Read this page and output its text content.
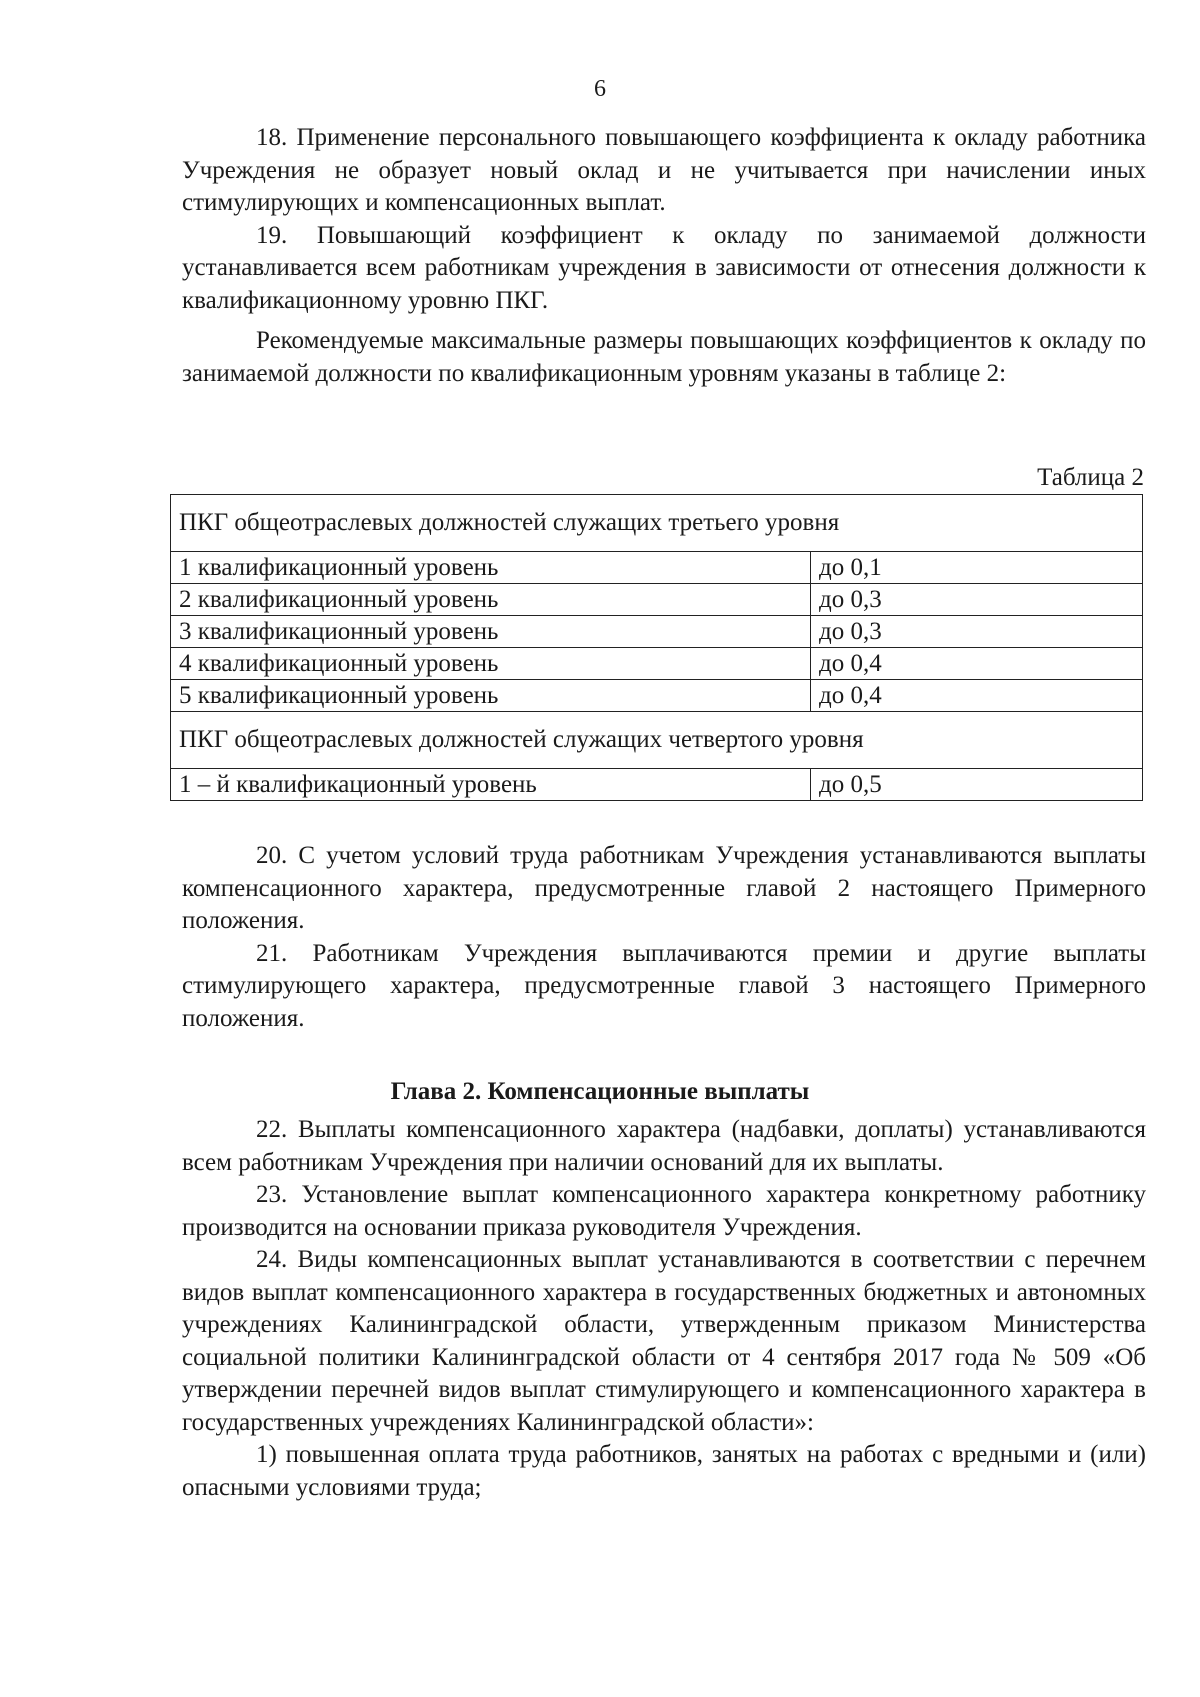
6

18. Применение персонального повышающего коэффициента к окладу работника Учреждения не образует новый оклад и не учитывается при начислении иных стимулирующих и компенсационных выплат.

19. Повышающий коэффициент к окладу по занимаемой должности устанавливается всем работникам учреждения в зависимости от отнесения должности к квалификационному уровню ПКГ.

Рекомендуемые максимальные размеры повышающих коэффициентов к окладу по занимаемой должности по квалификационным уровням указаны в таблице 2:

Таблица 2
ПКГ общеотраслевых должностей служащих третьего уровня	
1 квалификационный уровень	до 0,1
2 квалификационный уровень	до 0,3
3 квалификационный уровень	до 0,3
4 квалификационный уровень	до 0,4
5 квалификационный уровень	до 0,4
ПКГ общеотраслевых должностей служащих четвертого уровня	
1 – й квалификационный уровень	до 0,5

20. С учетом условий труда работникам Учреждения устанавливаются выплаты компенсационного характера, предусмотренные главой 2 настоящего Примерного положения.

21. Работникам Учреждения выплачиваются премии и другие выплаты стимулирующего характера, предусмотренные главой 3 настоящего Примерного положения.

Глава 2. Компенсационные выплаты

22. Выплаты компенсационного характера (надбавки, доплаты) устанавливаются всем работникам Учреждения при наличии оснований для их выплаты.

23. Установление выплат компенсационного характера конкретному работнику производится на основании приказа руководителя Учреждения.

24. Виды компенсационных выплат устанавливаются в соответствии с перечнем видов выплат компенсационного характера в государственных бюджетных и автономных учреждениях Калининградской области, утвержденным приказом Министерства социальной политики Калининградской области от 4 сентября 2017 года № 509 «Об утверждении перечней видов выплат стимулирующего и компенсационного характера в государственных учреждениях Калининградской области»:

1) повышенная оплата труда работников, занятых на работах с вредными и (или) опасными условиями труда;
